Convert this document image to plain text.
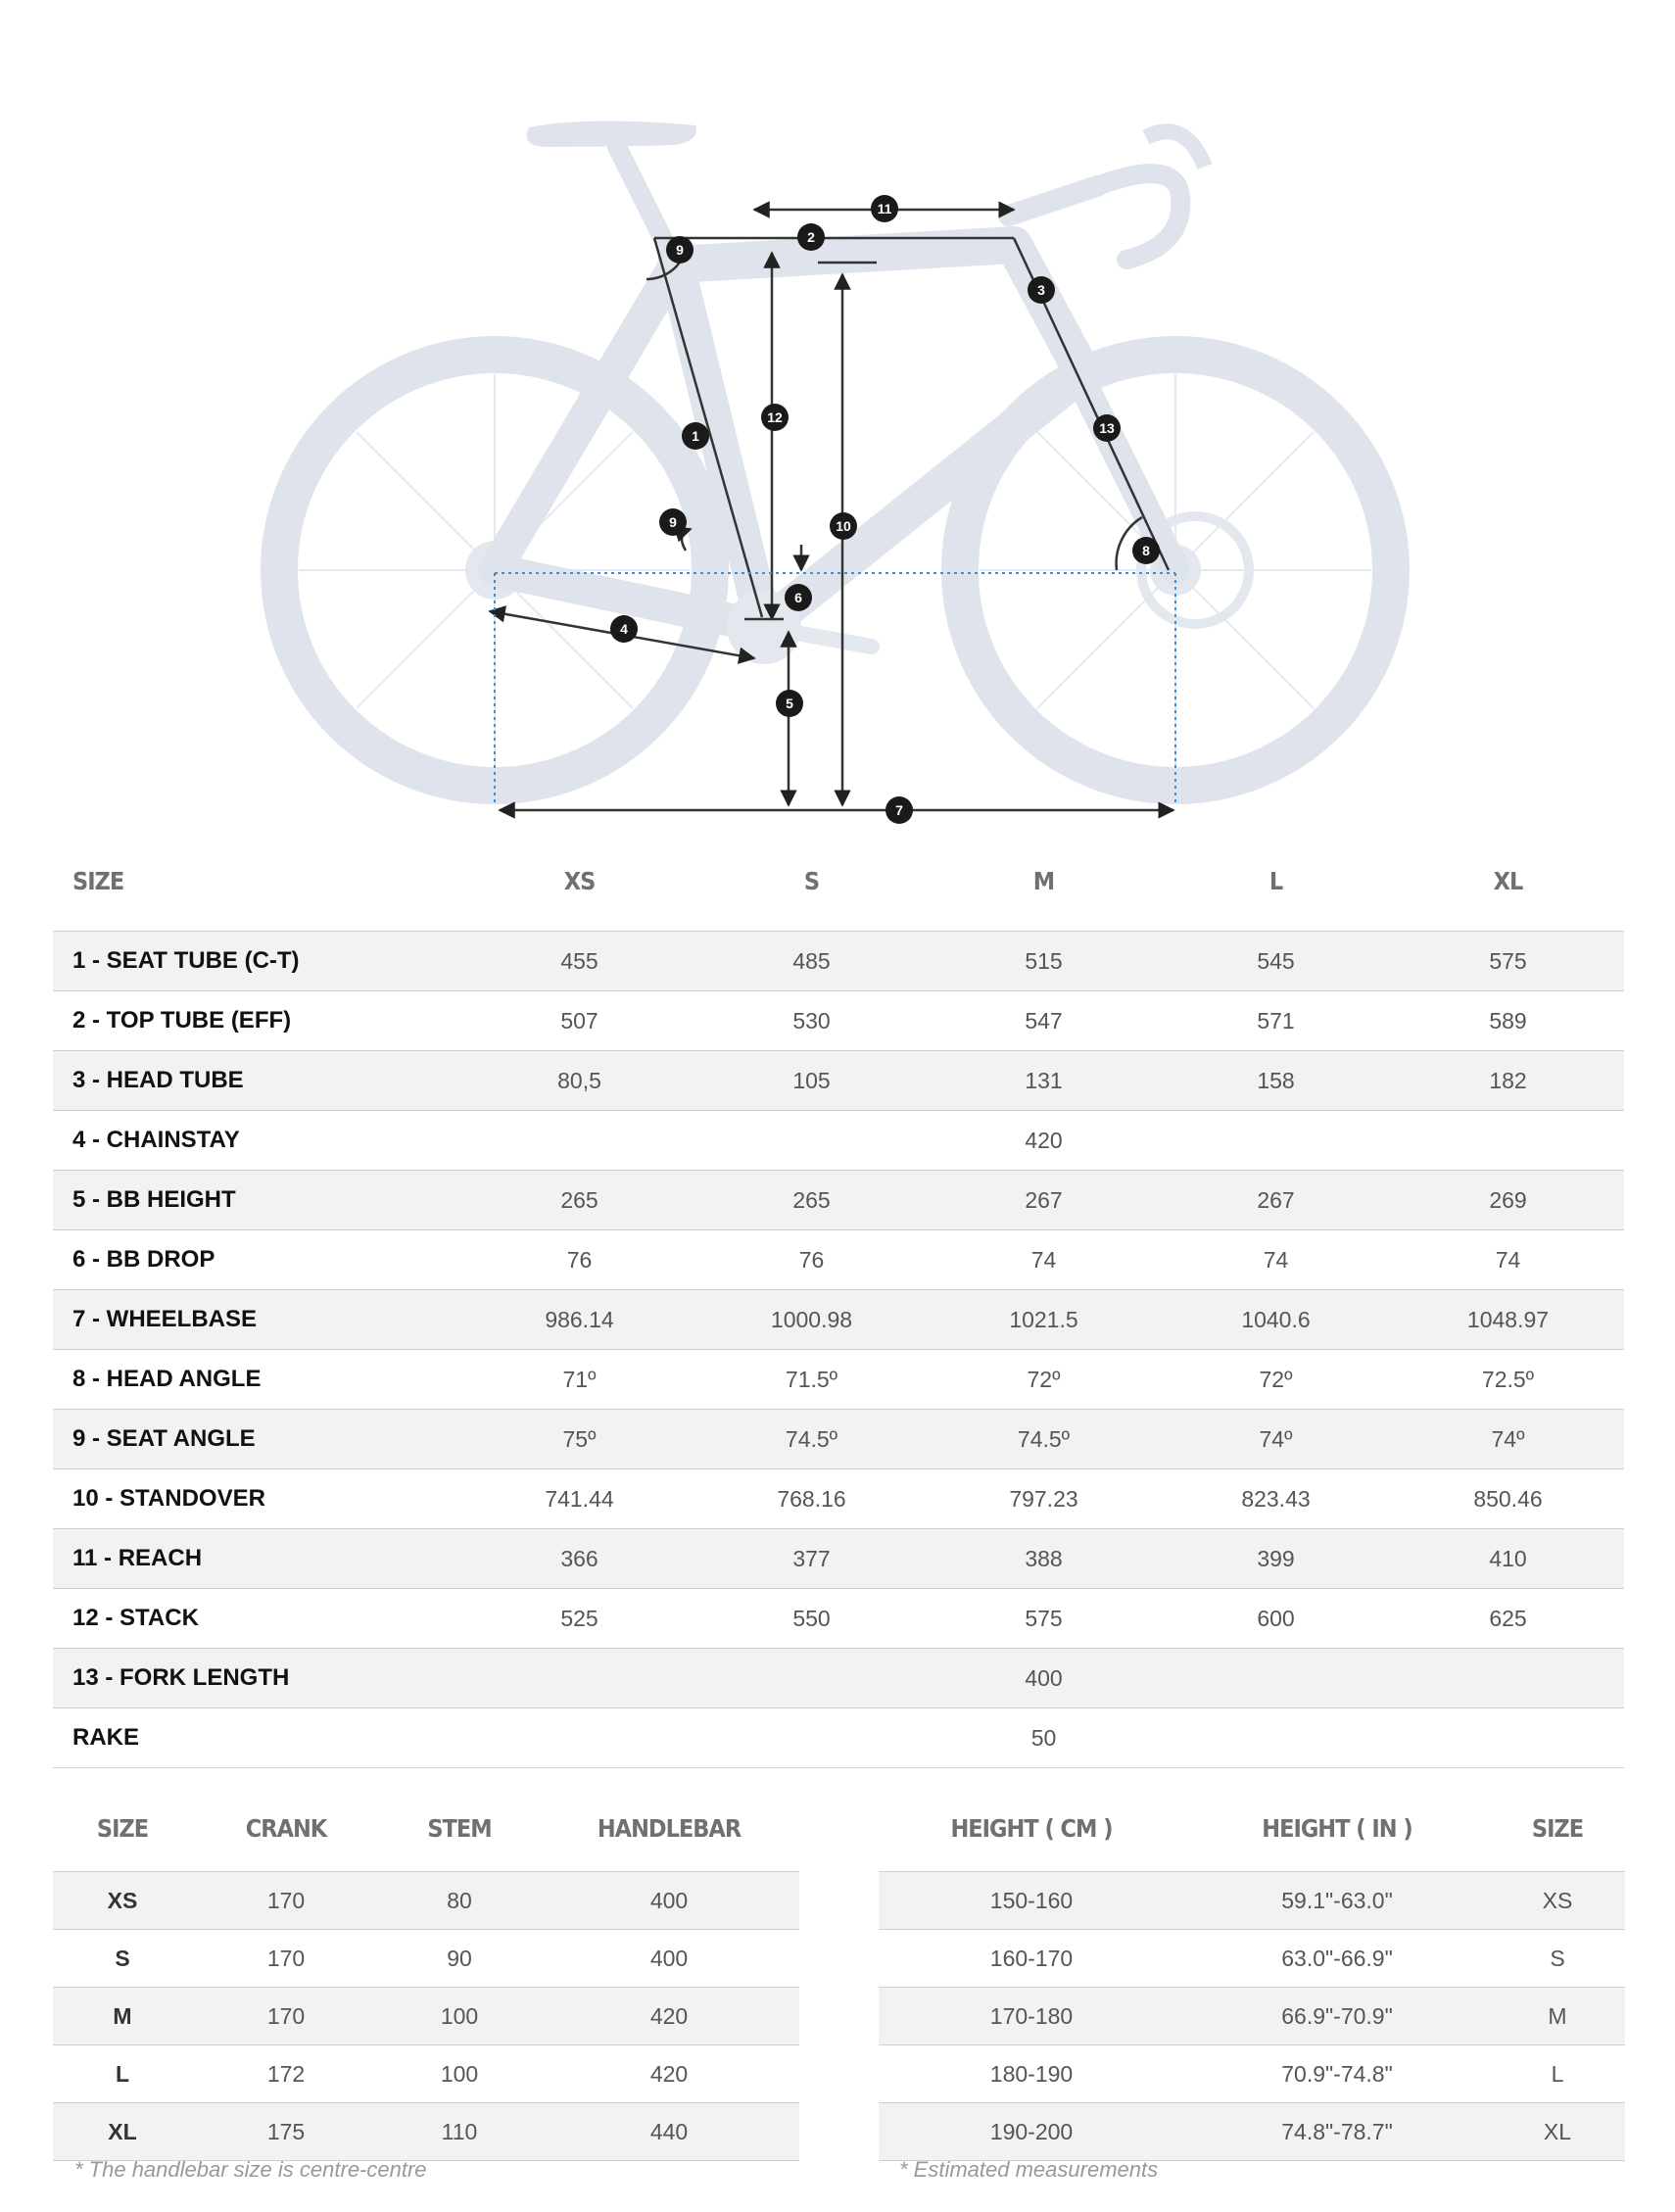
1
2
3
4
5
6
7
8
9
10
11
12
13
9
SIZE	XS	S	M	L	XL
1 - SEAT TUBE (C-T)	455	485	515	545	575
2 - TOP TUBE (EFF)	507	530	547	571	589
3 - HEAD TUBE	80,5	105	131	158	182
4 - CHAINSTAY			420		
5 - BB HEIGHT	265	265	267	267	269
6 - BB DROP	76	76	74	74	74
7 - WHEELBASE	986.14	1000.98	1021.5	1040.6	1048.97
8 - HEAD ANGLE	71º	71.5º	72º	72º	72.5º
9 - SEAT ANGLE	75º	74.5º	74.5º	74º	74º
10 - STANDOVER	741.44	768.16	797.23	823.43	850.46
11 - REACH	366	377	388	399	410
12 - STACK	525	550	575	600	625
13 - FORK LENGTH			400		
RAKE			50		
SIZE	CRANK	STEM	HANDLEBAR
XS	170	80	400
S	170	90	400
M	170	100	420
L	172	100	420
XL	175	110	440
* The handlebar size is centre-centre
HEIGHT ( CM )	HEIGHT ( IN )	SIZE
150-160	59.1"-63.0"	XS
160-170	63.0"-66.9"	S
170-180	66.9"-70.9"	M
180-190	70.9"-74.8"	L
190-200	74.8"-78.7"	XL
* Estimated measurements
